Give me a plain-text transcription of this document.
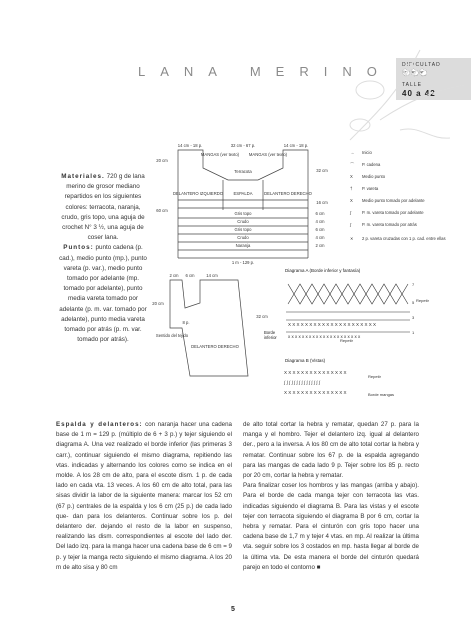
LANA MERINO DIFICULTAD
🐑🐑🐑
TALLE
40 a 42
Materiales. 720 g de lana merino de grosor mediano repartidos en los siguientes colores: terracota, naranja, crudo, gris topo, una aguja de crochet N° 3 ½, una aguja de coser lana.
Puntos: punto cadena (p. cad.), medio punto (mp.), punto vareta (p. var.), medio punto tomado por adelante (mp. tomado por adelante), punto media vareta tomado por adelante (p. m. var. tomado por adelante), punto media vareta tomado por atrás (p. m. var. tomado por atrás).
14 cm - 18 p.	32 cm - 67 p.	14 cm - 18 p.
MANGAS (ver texto) MANGAS (ver texto)
Terracota
DELANTERO IZQUIERDO ESPALDA	DELANTERO DERECHO
Gris topo
Crudo
Gris topo
Crudo
Naranja
1 m - 129 p.
20 cm
60 cm
32 cm
16 cm
6 cm
4 cm
6 cm
4 cm
2 cm
→ Inicio
⌒ P. cadena
X Medio punto
† P. vareta
X Medio punto tomado por adelante
∫	P. m. vareta tomado por adelante
∫	P. m. vareta tomado por atrás
✕ 2 p. vareta cruzadas con 1 p. cad. entre ellas
2 cm 6 cm	14 cm
8 p.
20 cm
32 cm
Sentido del tejido
DELANTERO DERECHO
Diagrama A (Borde inferior y fantasía)
X X X X X X X X X X X X X X X X X X X X X
x x x x x x x x x x x x x x x x x x x x x
7
5
3
1
Repetir
Repetir
Borde inferior
Diagrama B (Vistas)
X X X X X X X X X X X X X X X
∫ ∫ ∫ ∫ ∫ ∫ ∫ ∫ ∫ ∫ ∫ ∫ ∫ ∫ ∫
X X X X X X X X X X X X X X X
Repetir
Borde mangas
Espalda y delanteros: con naranja hacer una cadena base de 1 m = 129 p. (múltiplo de 6 + 3 p.) y tejer siguiendo el diagrama A. Una vez realizado el borde inferior (las primeras 3 carr.), continuar siguiendo el mismo diagrama, repitiendo las vtas. indicadas y alternando los colores como se indica en el molde. A los 28 cm de alto, para el escote dism. 1 p. de cada lado en cada vta. 13 veces. A los 60 cm de alto total, para las sisas dividir la labor de la siguiente manera: marcar los 52 cm (67 p.) centrales de la espalda y los 6 cm (25 p.) de cada lado que- dan para los delanteros. Continuar sobre los p. del delantero der. dejando el resto de la labor en suspenso, realizando las dism. correspondientes al escote del lado der. Del lado izq. para la manga hacer una cadena base de 6 cm = 9 p. y tejer la manga recto siguiendo el mismo diagrama. A los 20 m de alto sisa y 80 cm
de alto total cortar la hebra y rematar, quedan 27 p. para la manga y el hombro. Tejer el delantero izq. igual al delantero der., pero a la inversa. A los 80 cm de alto total cortar la hebra y rematar. Continuar sobre los 67 p. de la espalda agregando para las mangas de cada lado 9 p. Tejer sobre los 85 p. recto por 20 cm, cortar la hebra y rematar.
Para finalizar coser los hombros y las mangas (arriba y abajo). Para el borde de cada manga tejer con terracota las vtas. indicadas siguiendo el diagrama B. Para las vistas y el escote tejer con terracota siguiendo el diagrama B por 6 cm, cortar la hebra y rematar. Para el cinturón con gris topo hacer una cadena base de 1,7 m y tejer 4 vtas. en mp. Al realizar la última vta. seguir sobre los 3 costados en mp. hasta llegar al borde de la última vta. De esta manera el borde del cinturón quedará parejo en todo el contorno ■
5
